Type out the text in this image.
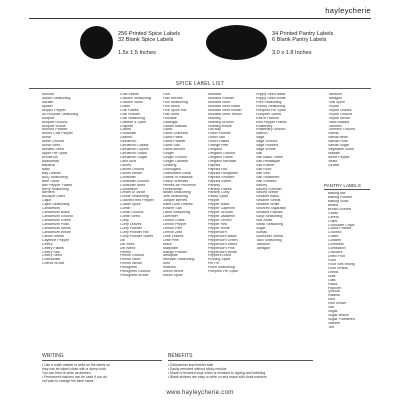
hayleycherie
256 Printed Spice Labels
32 Blank Spice Labels
1.5x 1.5 Inches
34 Printed Pantry Labels
6 Blank Pantry Labels
3.0 x 1.8 Inches
SPICE LABEL LIST
Achiote
Adobo Seasoning
Adrakh
Ajwain
Aleppo Pepper
All Purpose Seasoning
Allspice
Allspice Ground
Allspice Whole
Amchur Powder
Ancho Chili Pepper
Anise
Anise Ground
Anise Seed
Annatto Seed
Apple Pie Spice
Arrowroot
Asafoetida
Baharat
Basil
Bay Leaves
BBQ Seasoning
Beef Stock
Bell Pepper Flakes
Berry Seasoning
Berbere
Bouquet Garni
Cajun
Cajun Seasoning
Cardamom
Cardamom Black
Cardamom Ground
Cardamom Green
Cardamom Pods
Cardamom Seeds
Cardamom Whole
Carom Seeds
Cayenne Pepper
Celery
Celery Flakes
Celery Salt
Celery Seed
Chamomile
Chervil Whole
Chia Seeds
Chicken Seasoning
Chicken Stock
Chiles
Chili Flakes
Chili Powder
Chili Seasoning
Chinese 5 Spice
Chipotle
Chives
Chocolate
Cilantro
Cinnamon
Cinnamon Cassia
Cinnamon Ceylon
Cinnamon Sticks
Cinnamon Sugar
Citric Acid
Cloves
Cloves Ground
Cloves Whole
Coriander
Coriander Ground
Coriander Seed
Cornstarch
Cream of Tartar
Creole Seasoning
Crushed Red Pepper
Cuban Spice
Cumin
Cumin Ground
Cumin Seed
Curry
Curry Leaves
Curry Powder
Curry Powder Hot
Curry Powder Sweet
Dill
Dill Seed
Dill Weed
Fennel
Fennel Ground
Fennel Seed
Fennel Whole
Fenugreek
Fenugreek Ground
Fenugreek Whole
Fish
Flax Herbes
Fish Seasoning
Fish Stock
Five Spice Mix
Flax Seed
Furikake
Galangal
Garam Masala
Garlic
Garlic Granules
Garlic Paste
Garlic Powder
Garlic Salt
Garlic Minced
Ginger
Ginger Ground
Ginger Candied
Ginseng
Gochugaru
Granulated Garlic
Grains of Paradise
Gravy Granules
Herbes de Provence
Horseradish
Italian Seasoning
Jerk Seasoning
Juniper Berries
Kaffir Lime Leaves
Kosher Salt
Lamb Seasoning
Lavender
Lemon Grass
Lemon Pepper
Lemon Peel
Lemon Zest
Lime Leaves
Lime Peel
Mace
Marjoram
Mango Powder
Mesquite
Mexican Seasoning
Mint
Mitsuba
Mixed Herbs
Mixed Spice
Mustard
Mustard Powder
Mustard Seed
Mustard Seed Black
Mustard Seed Brown
Mustard Seed Yellow
Nutmeg
Nutmeg Ground
Nutmeg Whole
Old Bay
Onion Powder
Onion Salt
Onion Flakes
Orange Peel
Oregano
Oregano Ground
Oregano Greek
Oregano Mexican
Paprika
Paprika Hot
Paprika Hungarian
Paprika Smoked
Paprika Sweet
Parsley
Parsley Flakes
Parsley Curly
Pastry Spice
Pepper
Pepper Black
Pepper Cayenne
Pepper Ground
Pepper Jalapeño
Pepper Lemon
Pepper Red
Pepper White
Peppercorn
Peppercorn Black
Peppercorn Green
Peppercorn Mixed
Peppercorn Pink
Peppercorn White
Peppers Dried
Pickling Spice
Piri Piri
Pizza Seasoning
Pumpkin Pie Spice
Poppy Seed Black
Poppy Seed White
Pork Seasoning
Poultry Seasoning
Pumpkin Pie Spice
Pumpkin Seeds
Ras el Hanout
Red Pepper Flakes
Rosemary
Rosemary Ground
Saffron
Sage
Sage Ground
Sage Rubbed
Sage Whole
Salt
Salt Black Truffle
Salt Himalayan
Salt Kosher
Salt Rock
Salt Sea
Salt Seasoned
Salt Smoked
Savory
Savory Summer
Savory Winter
Sesame Black
Sesame Seeds
Sesame White
Shichimi Togarashi
Smoked Paprika
Soup Seasoning
Star Anise
Steak Seasoning
Sugar
Sumac
Sunflower Seeds
Taco Seasoning
Tandoori
Tarragon
Tandoori
Tarragon
Thai Spice
Thyme
Thyme Leaves
Thyme Ground
Thyme Whole
Tikka Masala
Turmeric
Turmeric Ground
Vanilla
Vanilla Bean
Vanilla Pods
Vanilla Sugar
Vegetable Stock
Wasabi
White Pepper
Yeast
Za'atar
PANTRY LABELS
Baking Mix
Baking Powder
Baking Soda
Beans
Bread Crumbs
Cacao
Cereal
Chips
Chocolate Chips
Cocoa Powder
Coconut
Coffee
Cookies
Cornmeal
Cornstarch
Crackers
Dried Fruit
Flour
Flour Self-Rising
Flour Wheat
Lentils
Nuts
Oats
Pasta
Popcorn
Quinoa
Raisins
Rice
Rice Brown
Salt
Sugar
Sugar Brown
Sugar Powdered
Sweets
Tea
WRITING
• Use a chalk marker to write on the labels so
they can be wiped clean with a damp cloth.
You can then re-write as desired.
• Permanent markers can be used if you do
not wish to change the label name.
BENEFITS
• Dishwasher and freezer safe
• Easily removed without sticky residue
• Made of textured vinyl which is resistant to ripping and bubbling
• Blank stickers are easy to write on and erase with chalk markers
www.hayleycherie.com
